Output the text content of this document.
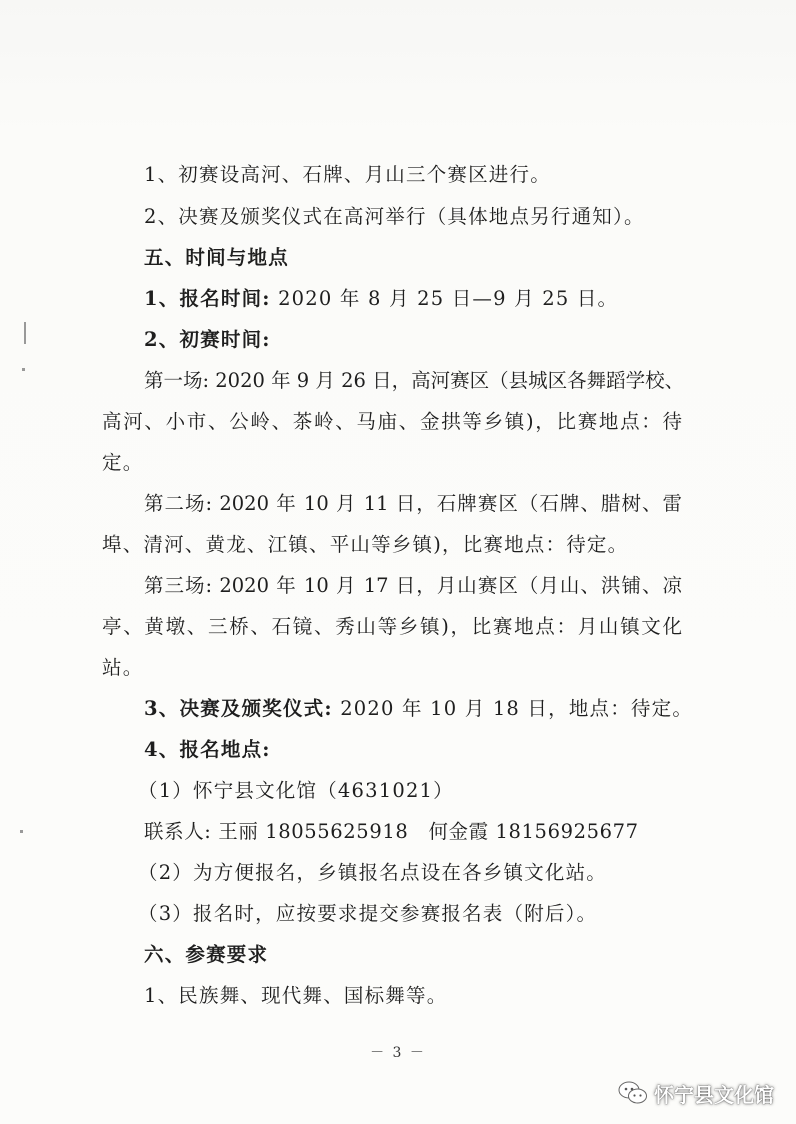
1、初赛设高河、石牌、月山三个赛区进行。
2、决赛及颁奖仪式在高河举行（具体地点另行通知）。
五、时间与地点
1、报名时间: 2020 年 8 月 25 日—9 月 25 日。
2、初赛时间:
第一场: 2020 年 9 月 26 日，高河赛区（县城区各舞蹈学校、
高河、小市、公岭、茶岭、马庙、金拱等乡镇)，比赛地点：待
定。
第二场: 2020 年 10 月 11 日，石牌赛区（石牌、腊树、雷
埠、清河、黄龙、江镇、平山等乡镇)，比赛地点：待定。
第三场: 2020 年 10 月 17 日，月山赛区（月山、洪铺、凉
亭、黄墩、三桥、石镜、秀山等乡镇)，比赛地点：月山镇文化
站。
3、决赛及颁奖仪式: 2020 年 10 月 18 日，地点：待定。
4、报名地点:
（1）怀宁县文化馆（4631021）
联系人: 王丽 18055625918　何金霞 18156925677
（2）为方便报名，乡镇报名点设在各乡镇文化站。
（3）报名时，应按要求提交参赛报名表（附后）。
六、参赛要求
1、民族舞、现代舞、国标舞等。
－ 3 －
怀宁县文化馆
